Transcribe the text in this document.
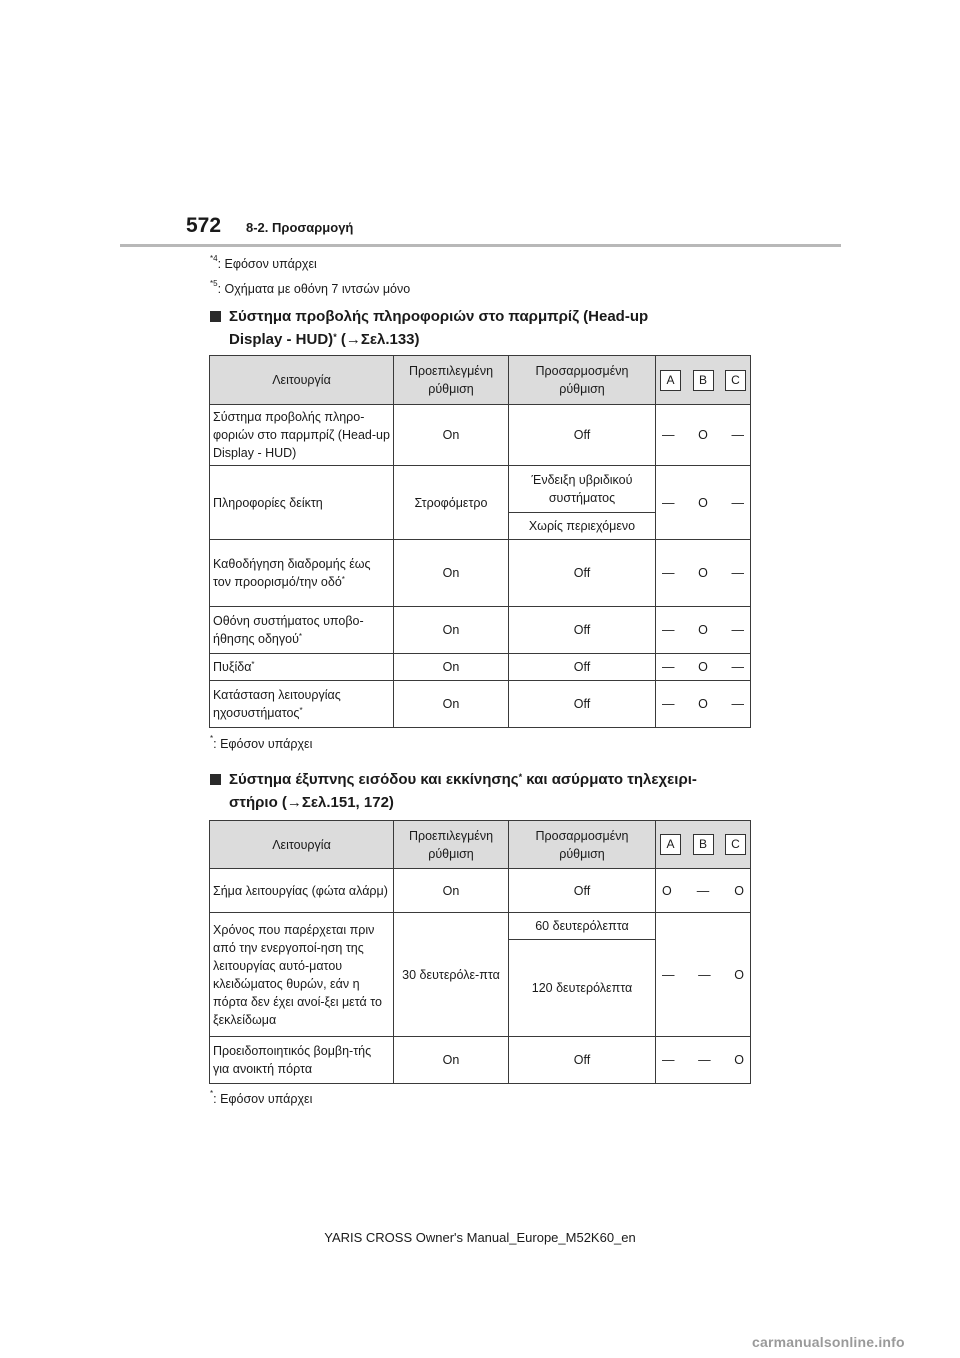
572 8-2. Προσαρμογή
$^{*4}$: Εφόσον υπάρχει
$^{*5}$: Οχήματα με οθόνη 7 ιντσών μόνο
Σύστημα προβολής πληροφοριών στο παρμπρίζ (Head-up
Display - HUD)* (→Σελ.133)
Λειτουργία	Προεπιλεγμένη ρύθμιση	Προσαρμοσμένη ρύθμιση	A B C

Σύστημα προβολής πληρο-φοριών στο παρμπρίζ (Head-up Display - HUD)	On	Off	— O —

Πληροφορίες δείκτη	Στροφόμετρο	Ένδειξη υβριδικού συστήματος	— O —

		Χωρίς περιεχόμενο	
Καθοδήγηση διαδρομής έως τον προορισμό/την οδό*	On	Off	— O —

Οθόνη συστήματος υποβο-ήθησης οδηγού*	On	Off	— O —

Πυξίδα*	On	Off	— O —

Κατάσταση λειτουργίας ηχοσυστήματος*	On	Off	— O —
*: Εφόσον υπάρχει
Σύστημα έξυπνης εισόδου και εκκίνησης* και ασύρματο τηλεχειρι-
στήριο (→Σελ.151, 172)
Λειτουργία	Προεπιλεγμένη ρύθμιση	Προσαρμοσμένη ρύθμιση	A B C

Σήμα λειτουργίας (φώτα αλάρμ)	On	Off	O — O

Χρόνος που παρέρχεται πριν από την ενεργοποί-ηση της λειτουργίας αυτό-ματου κλειδώματος θυρών, εάν η πόρτα δεν έχει ανοί-ξει μετά το ξεκλείδωμα	30 δευτερόλε-πτα	60 δευτερόλεπτα	— — O

		120 δευτερόλεπτα	
Προειδοποιητικός βομβη-τής για ανοικτή πόρτα	On	Off	— — O
*: Εφόσον υπάρχει
YARIS CROSS Owner's Manual_Europe_M52K60_en
carmanualsonline.info
